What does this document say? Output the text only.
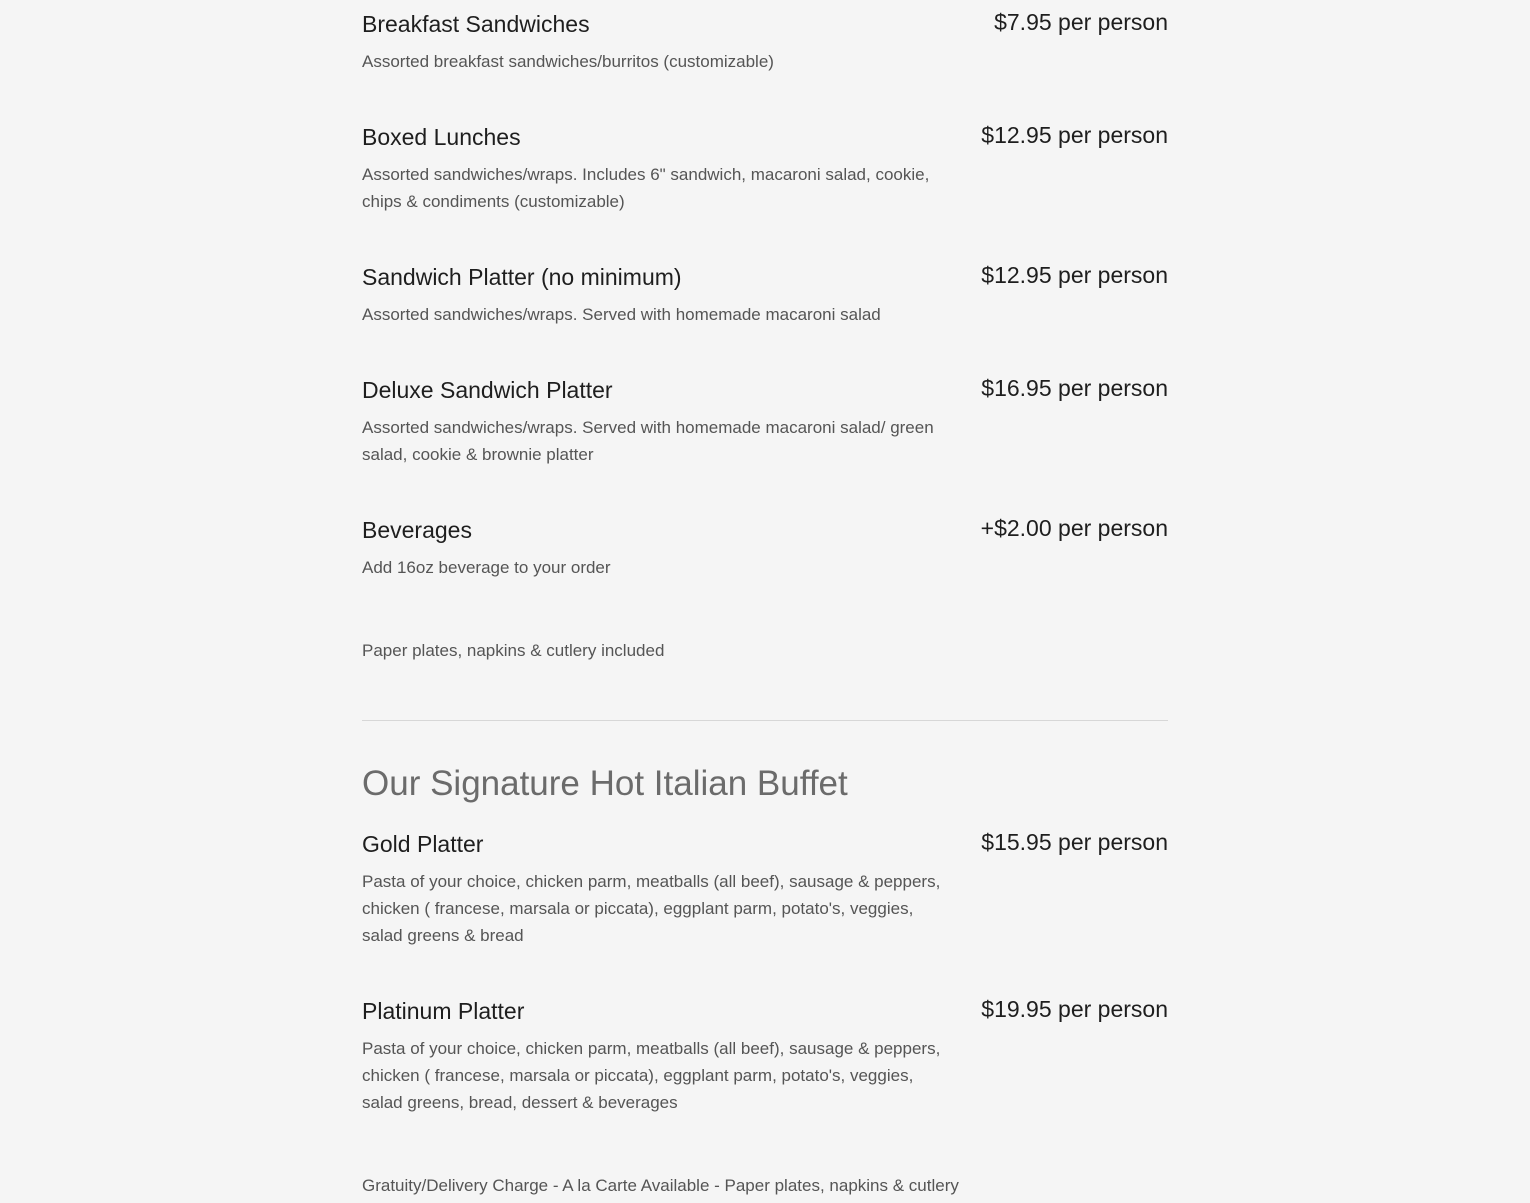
$7.95 per person
Breakfast Sandwiches

Assorted breakfast sandwiches/burritos (customizable)

$12.95 per person
Boxed Lunches

Assorted sandwiches/wraps. Includes 6" sandwich, macaroni salad, cookie, chips & condiments (customizable)

$12.95 per person
Sandwich Platter (no minimum)

Assorted sandwiches/wraps. Served with homemade macaroni salad

$16.95 per person
Deluxe Sandwich Platter

Assorted sandwiches/wraps. Served with homemade macaroni salad/ green salad, cookie & brownie platter

+$2.00 per person
Beverages

Add 16oz beverage to your order

Paper plates, napkins & cutlery included
Our Signature Hot Italian Buffet
$15.95 per person
Gold Platter

Pasta of your choice, chicken parm, meatballs (all beef), sausage & peppers, chicken ( francese, marsala or piccata), eggplant parm, potato's, veggies, salad greens & bread

$19.95 per person
Platinum Platter

Pasta of your choice, chicken parm, meatballs (all beef), sausage & peppers, chicken ( francese, marsala or piccata), eggplant parm, potato's, veggies, salad greens, bread, dessert & beverages

Gratuity/Delivery Charge - A la Carte Available - Paper plates, napkins & cutlery
